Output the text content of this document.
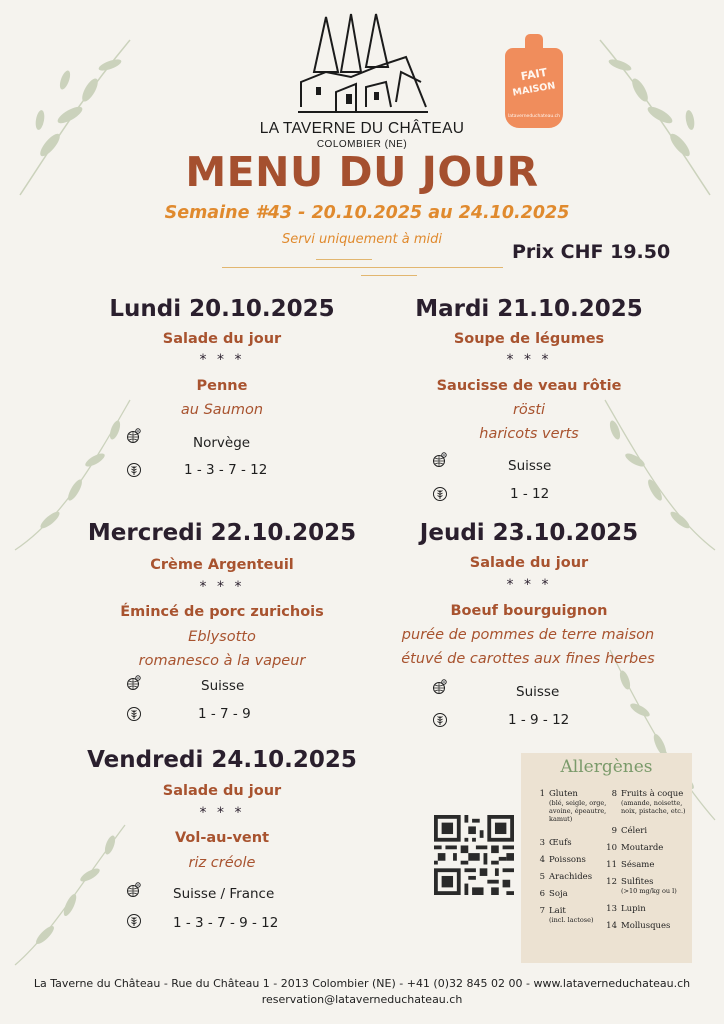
LA TAVERNE DU CHÂTEAU
COLOMBIER (NE)
FAIT
MAISON
lataverneduchateau.ch
MENU DU JOUR
Semaine #43 - 20.10.2025 au 24.10.2025
Servi uniquement à midi
Prix CHF 19.50
Lundi 20.10.2025
Salade du jour
* * *
Penne
au Saumon
Norvège
1 - 3 - 7 - 12
Mardi 21.10.2025
Soupe de légumes
* * *
Saucisse de veau rôtie
rösti
haricots verts
Suisse
1 - 12
Mercredi 22.10.2025
Crème Argenteuil
* * *
Émincé de porc zurichois
Eblysotto
romanesco à la vapeur
Suisse
1 - 7 - 9
Jeudi 23.10.2025
Salade du jour
* * *
Boeuf bourguignon
purée de pommes de terre maison
étuvé de carottes aux fines herbes
Suisse
1 - 9 - 12
Vendredi 24.10.2025
Salade du jour
* * *
Vol-au-vent
riz créole
Suisse / France
1 - 3 - 7 - 9 - 12
Allergènes
1 Gluten
(blé, seigle, orge,
avoine, épeautre,
kamut)
3 Œufs
4 Poissons
5 Arachides
6 Soja
7 Lait
(incl. lactose)
8 Fruits à coque
(amande, noisette,
noix, pistache, etc.)
9 Céleri
10 Moutarde
11 Sésame
12 Sulfites
(>10 mg/kg ou l)
13 Lupin
14 Mollusques
La Taverne du Château - Rue du Château 1 - 2013 Colombier (NE) - +41 (0)32 845 02 00 - www.lataverneduchateau.ch
reservation@lataverneduchateau.ch
